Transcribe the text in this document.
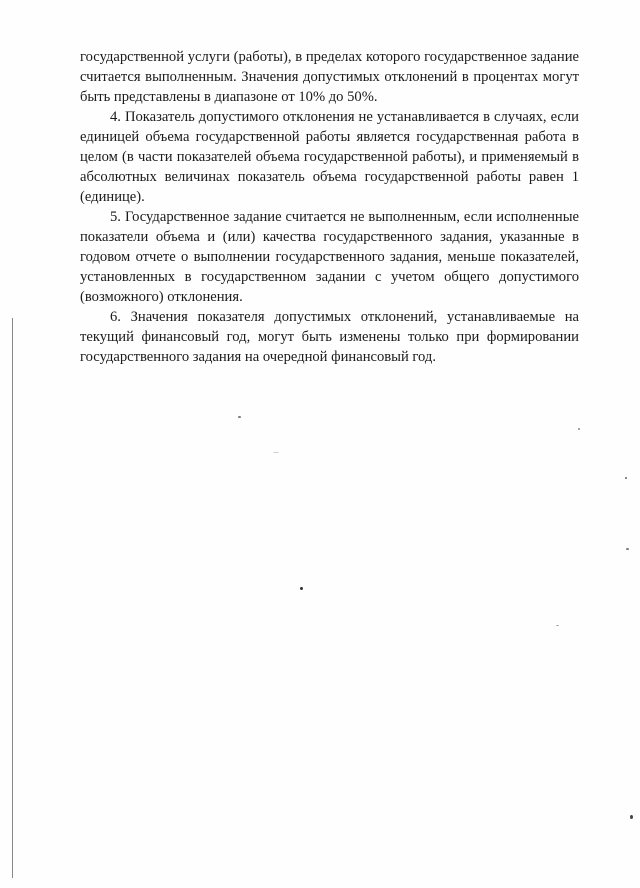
государственной услуги (работы), в пределах которого государственное задание считается выполненным. Значения допустимых отклонений в процентах могут быть представлены в диапазоне от 10% до 50%.

4. Показатель допустимого отклонения не устанавливается в случаях, если единицей объема государственной работы является государственная работа в целом (в части показателей объема государственной работы), и применяемый в абсолютных величинах показатель объема государственной работы равен 1 (единице).

5. Государственное задание считается не выполненным, если исполненные показатели объема и (или) качества государственного задания, указанные в годовом отчете о выполнении государственного задания, меньше показателей, установленных в государственном задании с учетом общего допустимого (возможного) отклонения.

6. Значения показателя допустимых отклонений, устанавливаемые на текущий финансовый год, могут быть изменены только при формировании государственного задания на очередной финансовый год.
